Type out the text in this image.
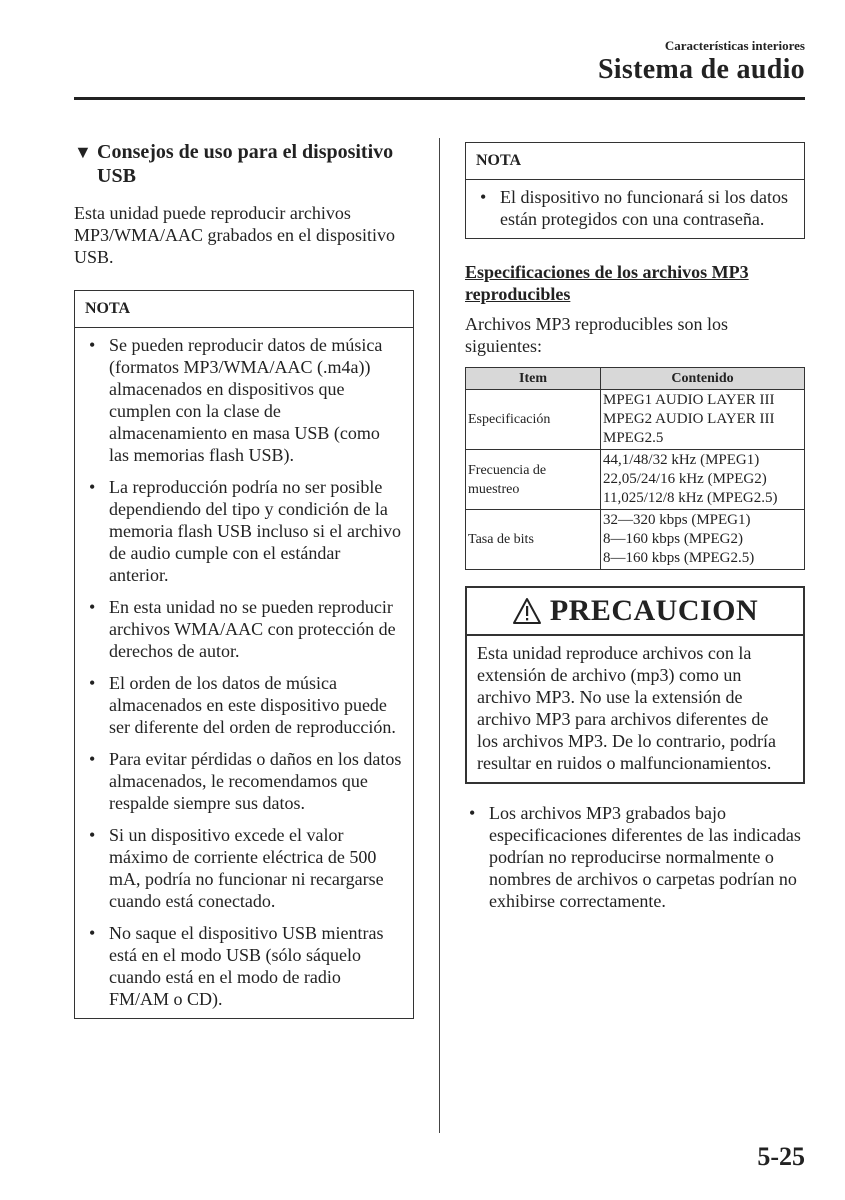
Características interiores
Sistema de audio
▼ Consejos de uso para el dispositivo USB

Esta unidad puede reproducir archivos MP3/WMA/AAC grabados en el dispositivo USB.

NOTA
• Se pueden reproducir datos de música (formatos MP3/WMA/AAC (.m4a)) almacenados en dispositivos que cumplen con la clase de almacenamiento en masa USB (como las memorias flash USB).
• La reproducción podría no ser posible dependiendo del tipo y condición de la memoria flash USB incluso si el archivo de audio cumple con el estándar anterior.
• En esta unidad no se pueden reproducir archivos WMA/AAC con protección de derechos de autor.
• El orden de los datos de música almacenados en este dispositivo puede ser diferente del orden de reproducción.
• Para evitar pérdidas o daños en los datos almacenados, le recomendamos que respalde siempre sus datos.
• Si un dispositivo excede el valor máximo de corriente eléctrica de 500 mA, podría no funcionar ni recargarse cuando está conectado.
• No saque el dispositivo USB mientras está en el modo USB (sólo sáquelo cuando está en el modo de radio FM/AM o CD).
NOTA
• El dispositivo no funcionará si los datos están protegidos con una contraseña.
Especificaciones de los archivos MP3 reproducibles

Archivos MP3 reproducibles son los siguientes:

Item	Contenido
Especificación	MPEG1 AUDIO LAYER III
MPEG2 AUDIO LAYER III
MPEG2.5

Frecuencia de muestreo	44,1/48/32 kHz (MPEG1)
22,05/24/16 kHz (MPEG2)
11,025/12/8 kHz (MPEG2.5)

Tasa de bits	32—320 kbps (MPEG1)
8—160 kbps (MPEG2)
8—160 kbps (MPEG2.5)
PRECAUCION
Esta unidad reproduce archivos con la extensión de archivo (mp3) como un archivo MP3. No use la extensión de archivo MP3 para archivos diferentes de los archivos MP3. De lo contrario, podría resultar en ruidos o malfuncionamientos.
• Los archivos MP3 grabados bajo especificaciones diferentes de las indicadas podrían no reproducirse normalmente o nombres de archivos o carpetas podrían no exhibirse correctamente.
5-25
